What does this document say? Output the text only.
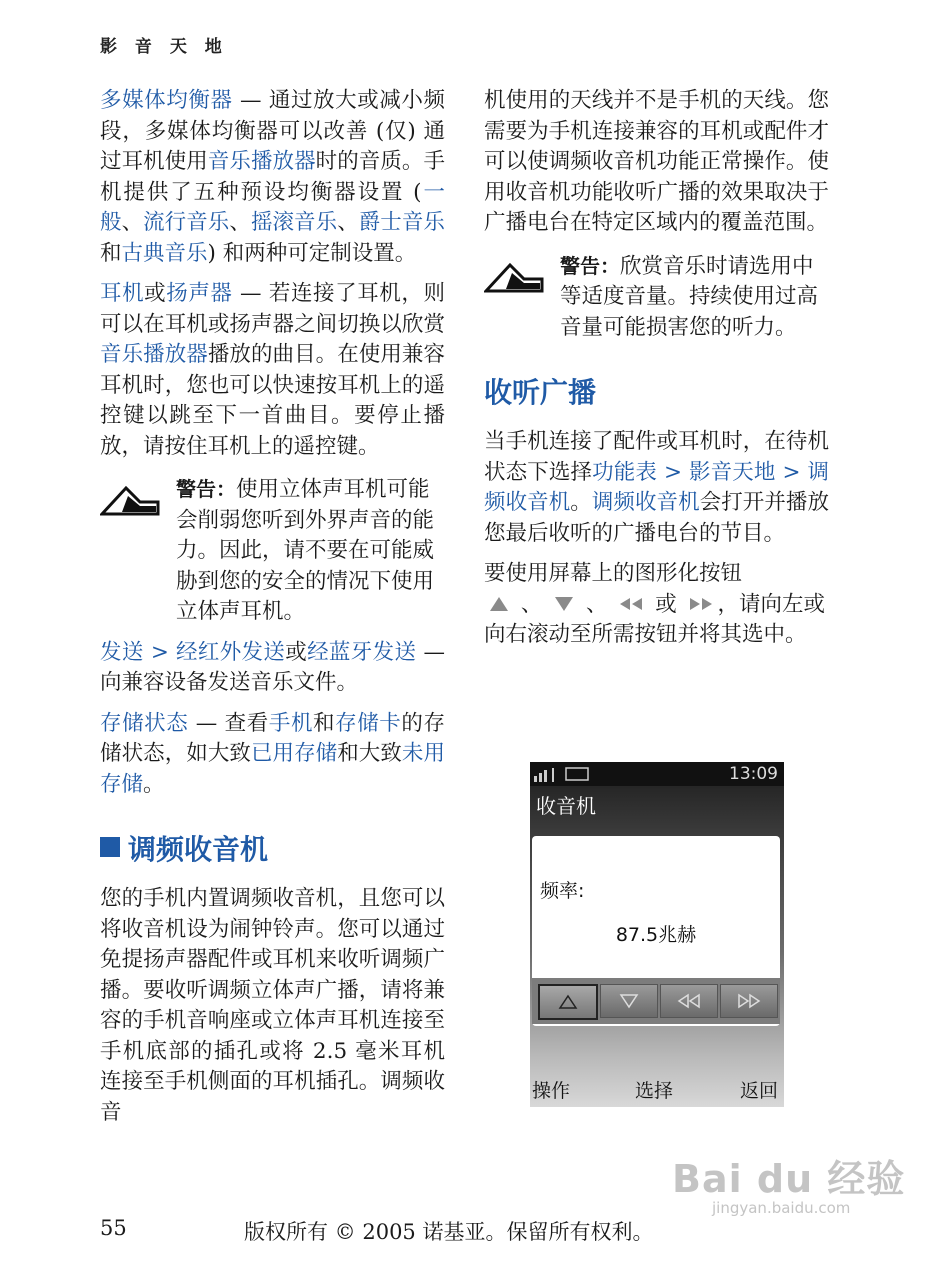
影 音 天 地

多媒体均衡器 — 通过放大或减小频段，多媒体均衡器可以改善 (仅) 通过耳机使用音乐播放器时的音质。手机提供了五种预设均衡器设置 (一般、流行音乐、摇滚音乐、爵士音乐和古典音乐) 和两种可定制设置。

耳机或扬声器 — 若连接了耳机，则可以在耳机或扬声器之间切换以欣赏音乐播放器播放的曲目。在使用兼容耳机时，您也可以快速按耳机上的遥控键以跳至下一首曲目。要停止播放，请按住耳机上的遥控键。

警告：使用立体声耳机可能会削弱您听到外界声音的能力。因此，请不要在可能威胁到您的安全的情况下使用立体声耳机。

发送 > 经红外发送或经蓝牙发送 — 向兼容设备发送音乐文件。

存储状态 — 查看手机和存储卡的存储状态，如大致已用存储和大致未用存储。

调频收音机

您的手机内置调频收音机，且您可以将收音机设为闹钟铃声。您可以通过免提扬声器配件或耳机来收听调频广播。要收听调频立体声广播，请将兼容的手机音响座或立体声耳机连接至手机底部的插孔或将 2.5 毫米耳机连接至手机侧面的耳机插孔。调频收音

机使用的天线并不是手机的天线。您需要为手机连接兼容的耳机或配件才可以使调频收音机功能正常操作。使用收音机功能收听广播的效果取决于广播电台在特定区域内的覆盖范围。

警告：欣赏音乐时请选用中等适度音量。持续使用过高音量可能损害您的听力。
收听广播

当手机连接了配件或耳机时，在待机状态下选择功能表 > 影音天地 > 调频收音机。调频收音机会打开并播放您最后收听的广播电台的节目。

要使用屏幕上的图形化按钮
、  、  或 ，请向左或向右滚动至所需按钮并将其选中。

13:09
收音机
频率:
87.5兆赫
操作	选择	返回
55	版权所有 © 2005 诺基亚。保留所有权利。
Bai du 经验
jingyan.baidu.com
